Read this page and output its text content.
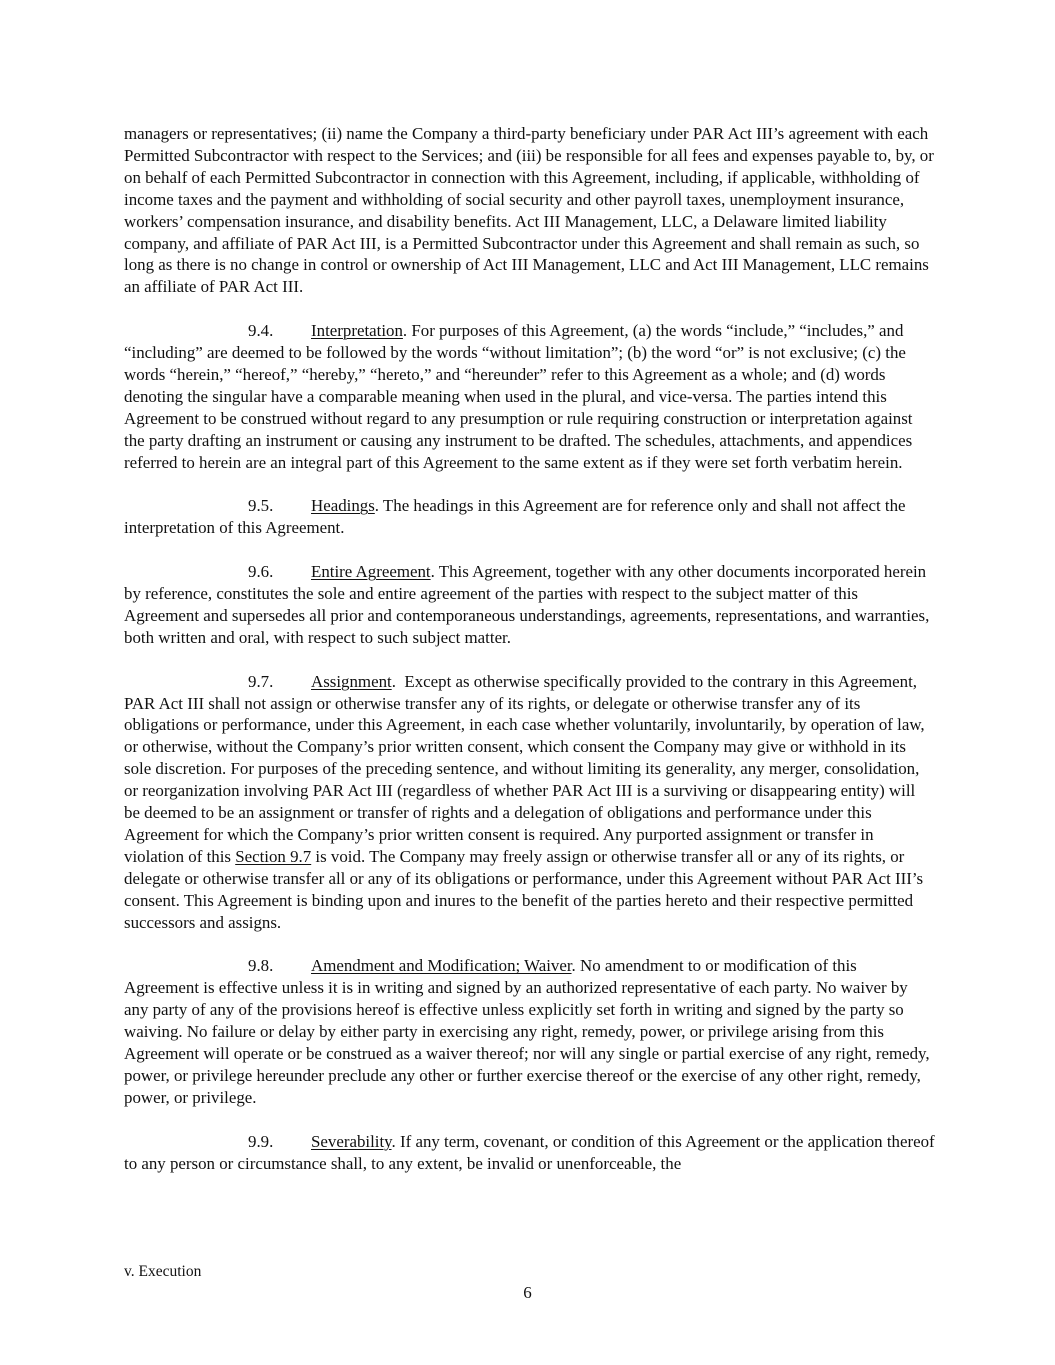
managers or representatives; (ii) name the Company a third-party beneficiary under PAR Act III’s agreement with each Permitted Subcontractor with respect to the Services; and (iii) be responsible for all fees and expenses payable to, by, or on behalf of each Permitted Subcontractor in connection with this Agreement, including, if applicable, withholding of income taxes and the payment and withholding of social security and other payroll taxes, unemployment insurance, workers’ compensation insurance, and disability benefits. Act III Management, LLC, a Delaware limited liability company, and affiliate of PAR Act III, is a Permitted Subcontractor under this Agreement and shall remain as such, so long as there is no change in control or ownership of Act III Management, LLC and Act III Management, LLC remains an affiliate of PAR Act III.

9.4. Interpretation. For purposes of this Agreement, (a) the words “include,” “includes,” and “including” are deemed to be followed by the words “without limitation”; (b) the word “or” is not exclusive; (c) the words “herein,” “hereof,” “hereby,” “hereto,” and “hereunder” refer to this Agreement as a whole; and (d) words denoting the singular have a comparable meaning when used in the plural, and vice-versa. The parties intend this Agreement to be construed without regard to any presumption or rule requiring construction or interpretation against the party drafting an instrument or causing any instrument to be drafted. The schedules, attachments, and appendices referred to herein are an integral part of this Agreement to the same extent as if they were set forth verbatim herein.

9.5. Headings. The headings in this Agreement are for reference only and shall not affect the interpretation of this Agreement.

9.6. Entire Agreement. This Agreement, together with any other documents incorporated herein by reference, constitutes the sole and entire agreement of the parties with respect to the subject matter of this Agreement and supersedes all prior and contemporaneous understandings, agreements, representations, and warranties, both written and oral, with respect to such subject matter.

9.7. Assignment.  Except as otherwise specifically provided to the contrary in this Agreement, PAR Act III shall not assign or otherwise transfer any of its rights, or delegate or otherwise transfer any of its obligations or performance, under this Agreement, in each case whether voluntarily, involuntarily, by operation of law, or otherwise, without the Company’s prior written consent, which consent the Company may give or withhold in its sole discretion. For purposes of the preceding sentence, and without limiting its generality, any merger, consolidation, or reorganization involving PAR Act III (regardless of whether PAR Act III is a surviving or disappearing entity) will be deemed to be an assignment or transfer of rights and a delegation of obligations and performance under this Agreement for which the Company’s prior written consent is required. Any purported assignment or transfer in violation of this Section 9.7 is void. The Company may freely assign or otherwise transfer all or any of its rights, or delegate or otherwise transfer all or any of its obligations or performance, under this Agreement without PAR Act III’s consent. This Agreement is binding upon and inures to the benefit of the parties hereto and their respective permitted successors and assigns.

9.8. Amendment and Modification; Waiver. No amendment to or modification of this Agreement is effective unless it is in writing and signed by an authorized representative of each party. No waiver by any party of any of the provisions hereof is effective unless explicitly set forth in writing and signed by the party so waiving. No failure or delay by either party in exercising any right, remedy, power, or privilege arising from this Agreement will operate or be construed as a waiver thereof; nor will any single or partial exercise of any right, remedy, power, or privilege hereunder preclude any other or further exercise thereof or the exercise of any other right, remedy, power, or privilege.

9.9. Severability. If any term, covenant, or condition of this Agreement or the application thereof to any person or circumstance shall, to any extent, be invalid or unenforceable, the

v. Execution
6
